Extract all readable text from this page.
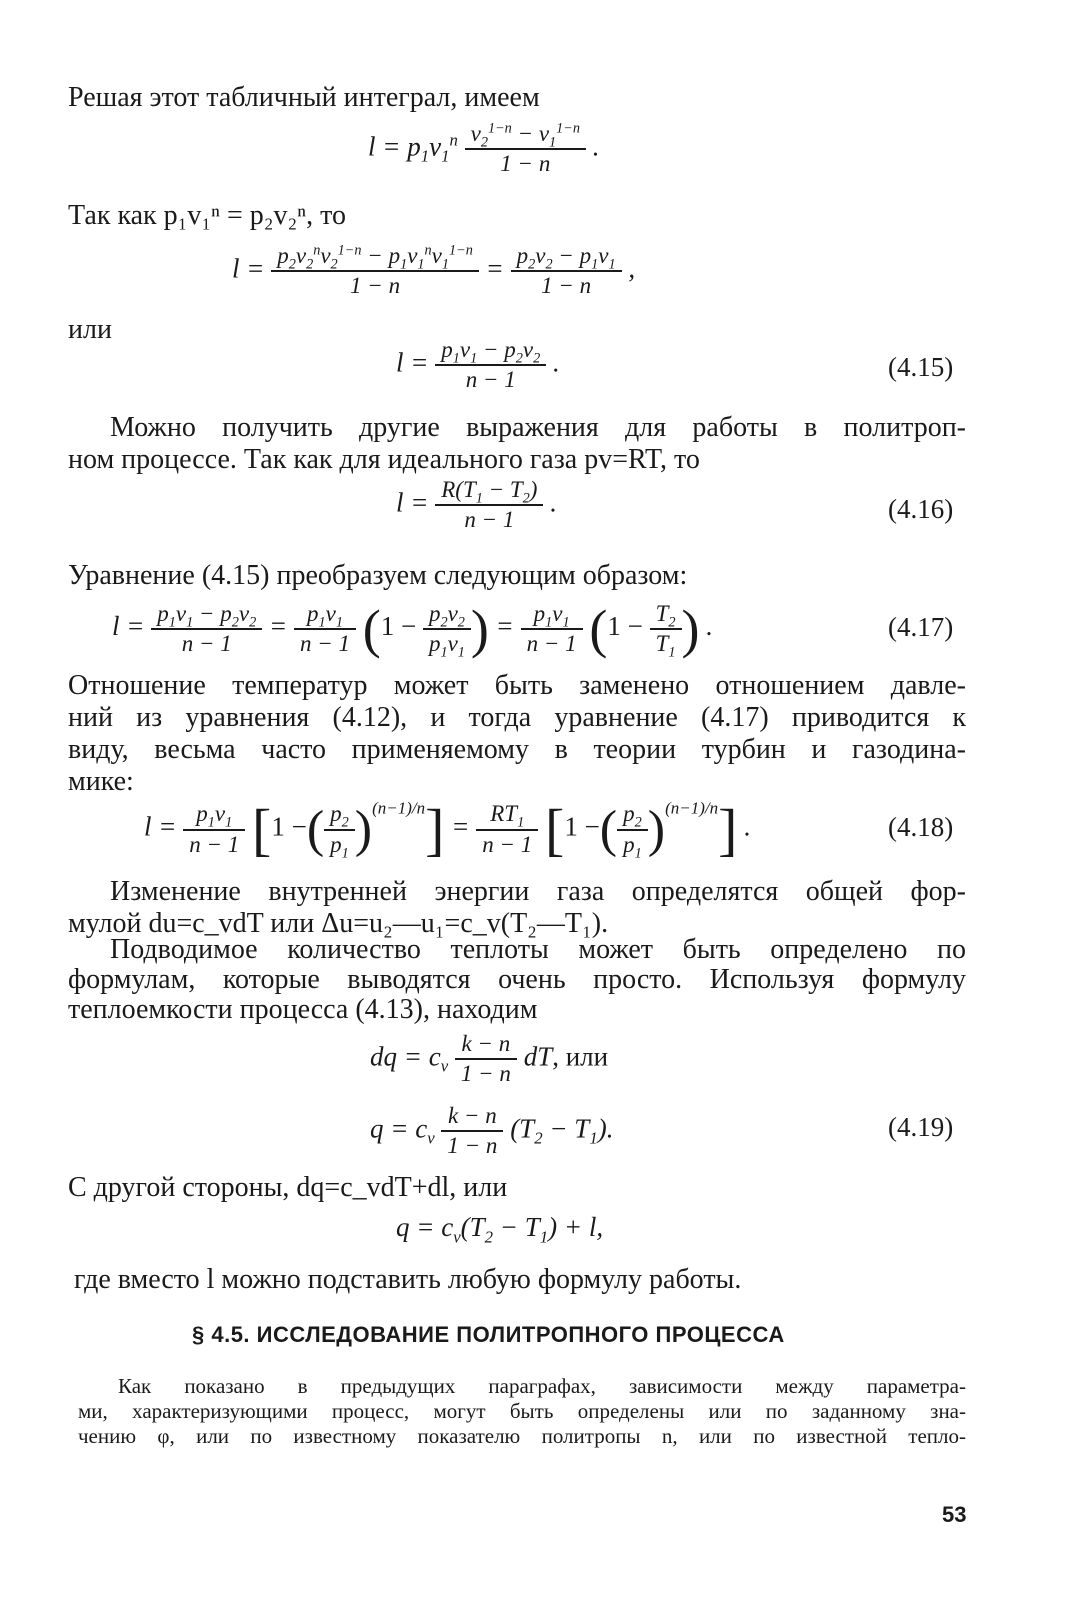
Решая этот табличный интеграл, имеем
$l = p_1v_1^n \frac{v_2^{1-n} - v_1^{1-n}}{1 - n}$ .
Так как p₁v₁ⁿ = p₂v₂ⁿ, то
$l = \frac{p_2v_2^nv_2^{1-n} - p_1v_1^nv_1^{1-n}}{1 - n} = \frac{p_2v_2 - p_1v_1}{1 - n}$ ,
или
$l = \frac{p_1v_1 - p_2v_2}{n - 1}$ .	(4.15)
Можно получить другие выражения для работы в политроп-
ном процессе. Так как для идеального газа pv=RT, то
$l = \frac{R(T_1 - T_2)}{n - 1}$ .	(4.16)
Уравнение (4.15) преобразуем следующим образом:
$l = \frac{p_1v_1 - p_2v_2}{n - 1} = \frac{p_1v_1}{n - 1} (1 - \frac{p_2v_2}{p_1v_1}$ ) = $\frac{p_1v_1}{n - 1} (1 - \frac{T_2}{T_1}$ ) .	(4.17)
Отношение температур может быть заменено отношением давле-
ний из уравнения (4.12), и тогда уравнение (4.17) приводится к
виду, весьма часто применяемому в теории турбин и газодина-
мике:
$l = \frac{p_1v_1}{n - 1} [1$ −( $\frac{p_2}{p_1} )^{(n-1)/n}] = \frac{RT_1}{n - 1} [1$ −( $\frac{p_2}{p_1} )^{(n-1)/n}$] .	(4.18)
Изменение внутренней энергии газа определятся общей фор-
мулой du=c_vdT или Δu=u₂—u₁=c_v(T₂—T₁).
Подводимое количество теплоты может быть определено по
формулам, которые выводятся очень просто. Используя формулу
теплоемкости процесса (4.13), находим
dq = $c_v \frac{k - n}{1 - n}$ dT, или
$q = c_v \frac{k - n}{1 - n} (T_2 - T_1)$.	(4.19)
С другой стороны, dq=c_vdT+dl, или
$q = c_v(T_2 - T_1) + l$,
где вместо l можно подставить любую формулу работы.
§ 4.5. ИССЛЕДОВАНИЕ ПОЛИТРОПНОГО ПРОЦЕССА
Как показано в предыдущих параграфах, зависимости между параметра-
ми, характеризующими процесс, могут быть определены или по заданному зна-
чению φ, или по известному показателю политропы n, или по известной тепло-
53
